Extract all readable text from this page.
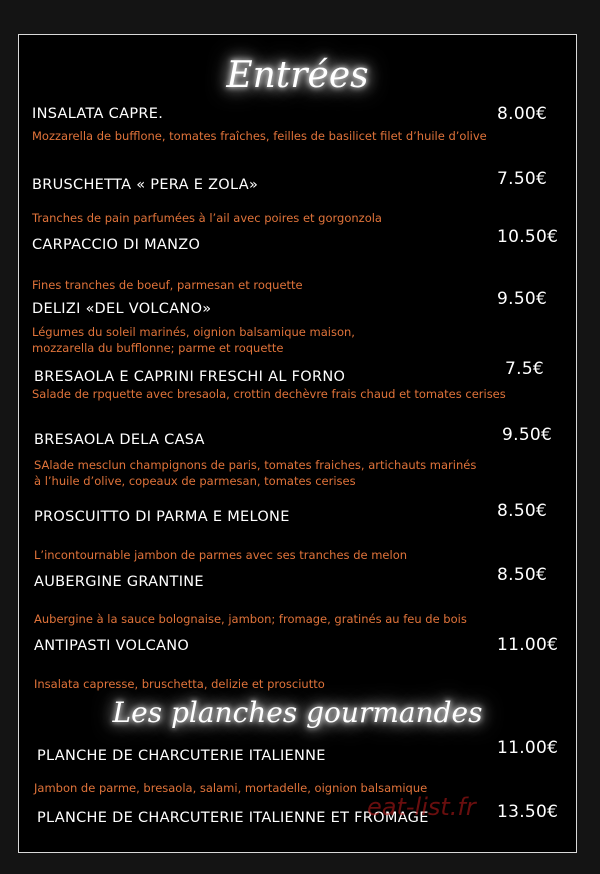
Entrées
INSALATA CAPRE.	8.00€
Mozzarella de bufflone, tomates fraîches, feilles de basilicet filet d’huile d’olive
BRUSCHETTA « PERA E ZOLA»	7.50€
Tranches de pain parfumées à l’ail avec poires et gorgonzola
CARPACCIO DI MANZO	10.50€
Fines tranches de boeuf, parmesan et roquette
DELIZI «DEL VOLCANO»	9.50€
Légumes du soleil marinés, oignion balsamique maison,
mozzarella du bufflonne; parme et roquette
BRESAOLA E CAPRINI FRESCHI AL FORNO	7.5€
Salade de rpquette avec bresaola, crottin dechèvre frais chaud et tomates cerises
BRESAOLA DELA CASA	9.50€
SAlade mesclun champignons de paris, tomates fraiches, artichauts marinés
à l’huile d’olive, copeaux de parmesan, tomates cerises
PROSCUITTO DI PARMA E MELONE	8.50€
L’incontournable jambon de parmes avec ses tranches de melon
AUBERGINE GRANTINE	8.50€
Aubergine à la sauce bolognaise, jambon; fromage, gratinés au feu de bois
ANTIPASTI VOLCANO	11.00€
Insalata capresse, bruschetta, delizie et prosciutto
Les planches gourmandes
PLANCHE DE CHARCUTERIE ITALIENNE	11.00€
Jambon de parme, bresaola, salami, mortadelle, oignion balsamique
PLANCHE DE CHARCUTERIE ITALIENNE ET FROMAGE	13.50€
eat-list.fr
